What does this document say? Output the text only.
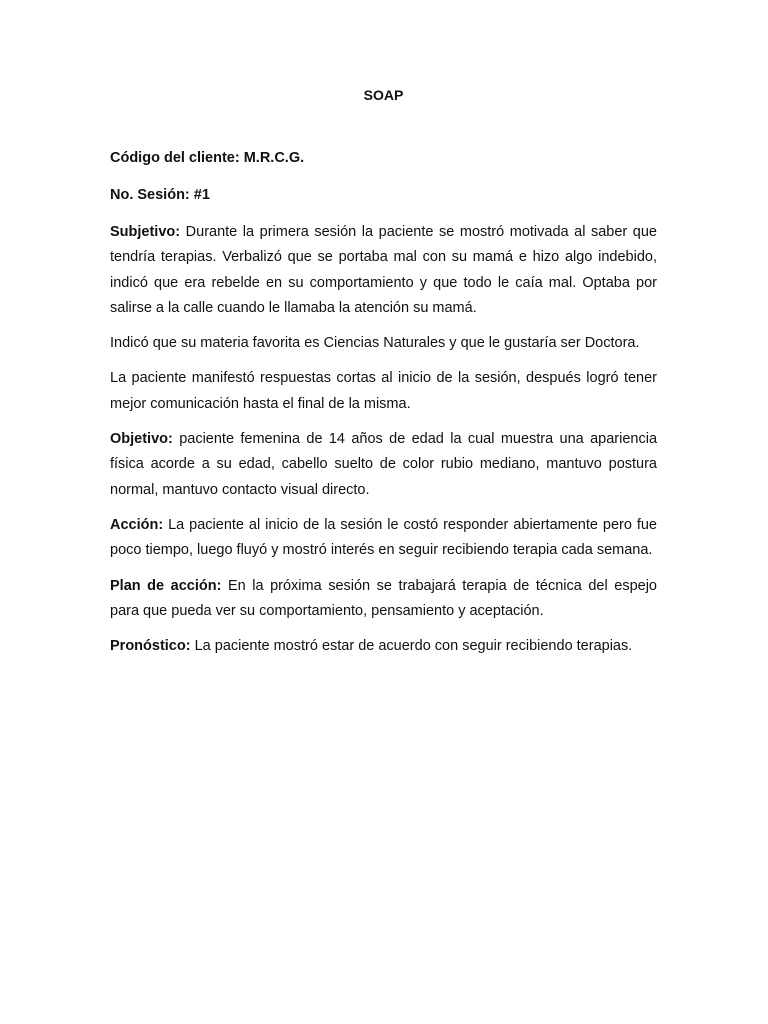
SOAP
Código del cliente: M.R.C.G.
No. Sesión: #1

Subjetivo: Durante la primera sesión la paciente se mostró motivada al saber que tendría terapias. Verbalizó que se portaba mal con su mamá e hizo algo indebido, indicó que era rebelde en su comportamiento y que todo le caía mal. Optaba por salirse a la calle cuando le llamaba la atención su mamá.

Indicó que su materia favorita es Ciencias Naturales y que le gustaría ser Doctora.

La paciente manifestó respuestas cortas al inicio de la sesión, después logró tener mejor comunicación hasta el final de la misma.

Objetivo: paciente femenina de 14 años de edad la cual muestra una apariencia física acorde a su edad, cabello suelto de color rubio mediano, mantuvo postura normal, mantuvo contacto visual directo.

Acción: La paciente al inicio de la sesión le costó responder abiertamente pero fue poco tiempo, luego fluyó y mostró interés en seguir recibiendo terapia cada semana.

Plan de acción: En la próxima sesión se trabajará terapia de técnica del espejo para que pueda ver su comportamiento, pensamiento y aceptación.

Pronóstico: La paciente mostró estar de acuerdo con seguir recibiendo terapias.
